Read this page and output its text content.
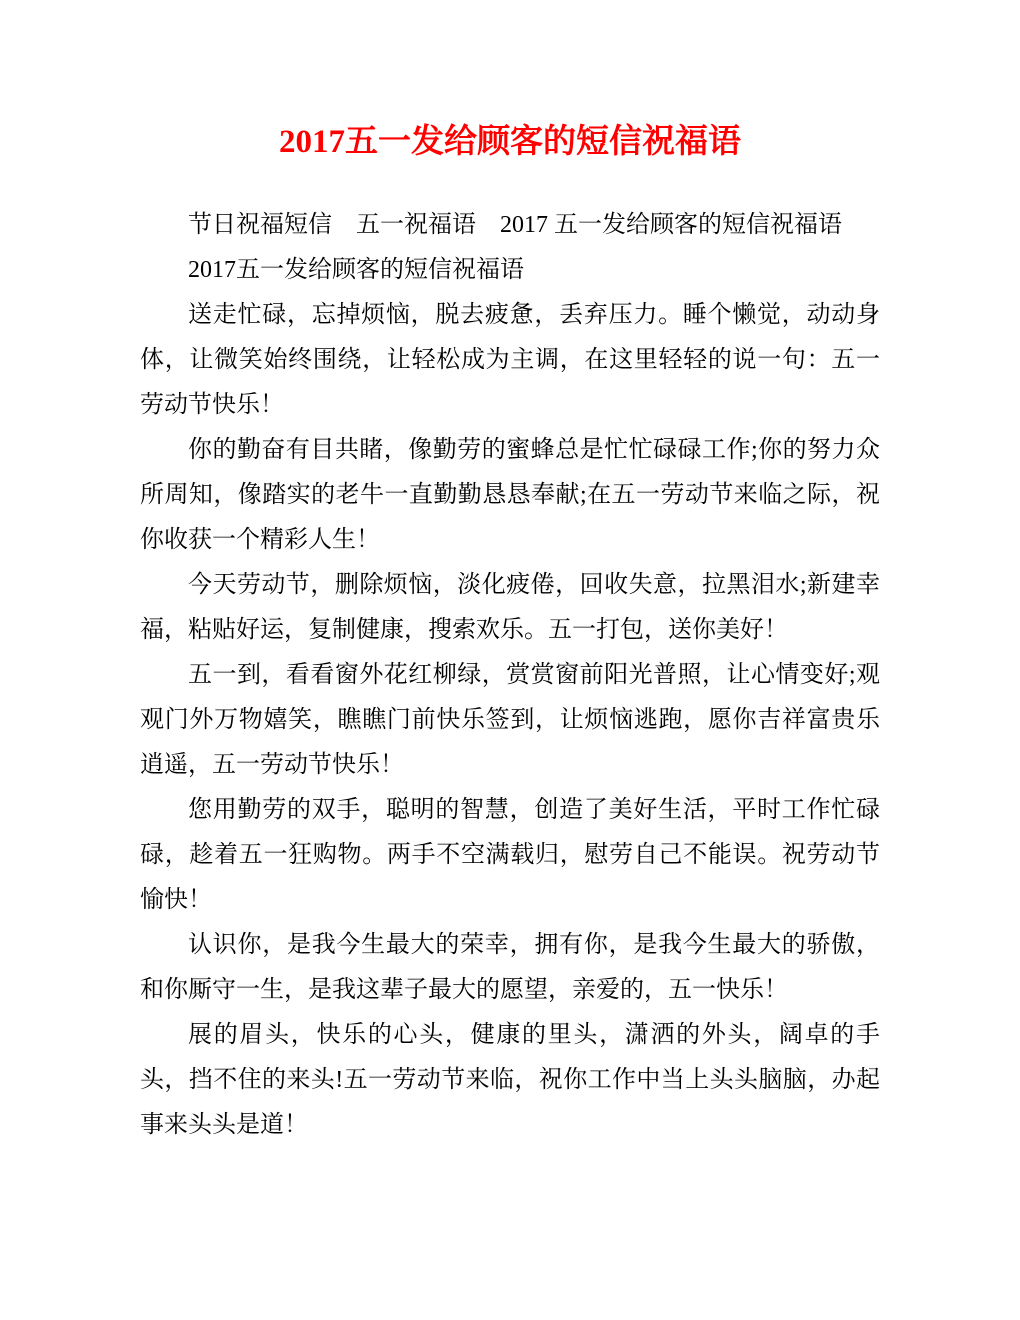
2017五一发给顾客的短信祝福语

节日祝福短信　五一祝福语　2017 五一发给顾客的短信祝福语

2017五一发给顾客的短信祝福语

送走忙碌，忘掉烦恼，脱去疲惫，丢弃压力。睡个懒觉，动动身体，让微笑始终围绕，让轻松成为主调，在这里轻轻的说一句：五一劳动节快乐！

你的勤奋有目共睹，像勤劳的蜜蜂总是忙忙碌碌工作;你的努力众所周知，像踏实的老牛一直勤勤恳恳奉献;在五一劳动节来临之际，祝你收获一个精彩人生！

今天劳动节，删除烦恼，淡化疲倦，回收失意，拉黑泪水;新建幸福，粘贴好运，复制健康，搜索欢乐。五一打包，送你美好！

五一到，看看窗外花红柳绿，赏赏窗前阳光普照，让心情变好;观观门外万物嬉笑，瞧瞧门前快乐签到，让烦恼逃跑，愿你吉祥富贵乐逍遥，五一劳动节快乐！

您用勤劳的双手，聪明的智慧，创造了美好生活，平时工作忙碌碌，趁着五一狂购物。两手不空满载归，慰劳自己不能误。祝劳动节愉快！

认识你，是我今生最大的荣幸，拥有你，是我今生最大的骄傲，和你厮守一生，是我这辈子最大的愿望，亲爱的，五一快乐！

展的眉头，快乐的心头，健康的里头，潇洒的外头，阔卓的手头，挡不住的来头!五一劳动节来临，祝你工作中当上头头脑脑，办起事来头头是道！
